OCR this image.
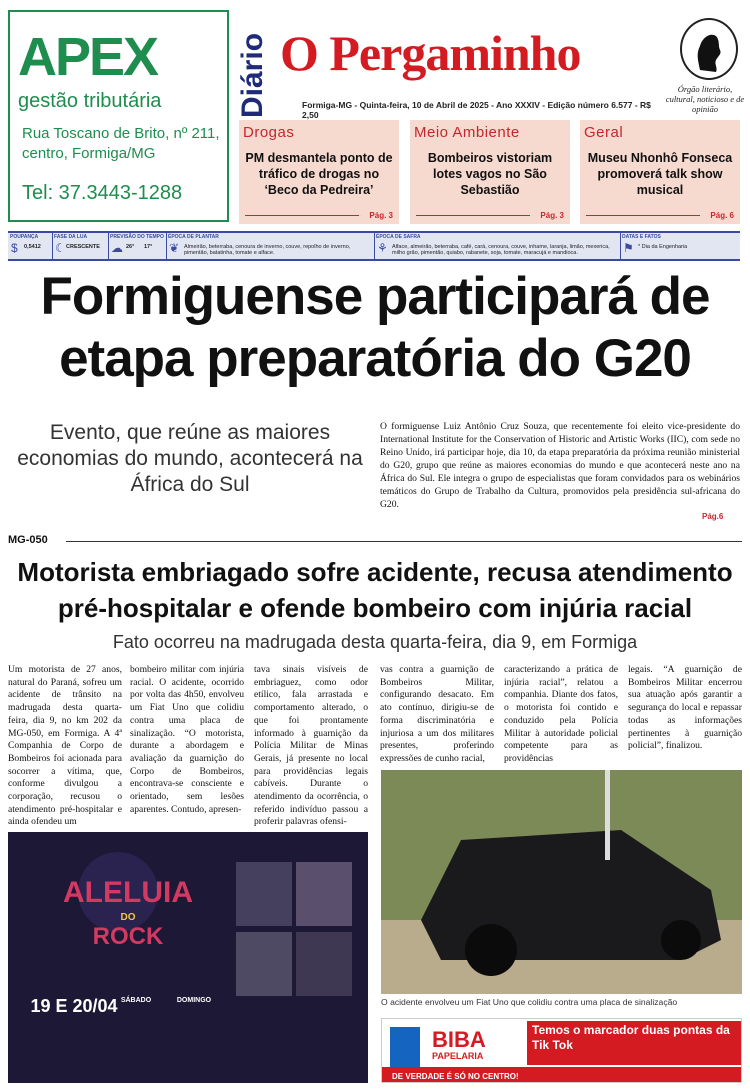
APEX
gestão tributária
Rua Toscano de Brito, nº 211, centro, Formiga/MG
Tel: 37.3443-1288
Diário O Pergaminho
Órgão literário, cultural, noticioso e de opinião
Formiga-MG - Quinta-feira, 10 de Abril de 2025 - Ano XXXIV - Edição número 6.577 - R$ 2,50
Drogas

PM desmantela ponto de tráfico de drogas no ‘Beco da Pedreira’

Pág. 3
Meio Ambiente

Bombeiros vistoriam lotes vagos no São Sebastião

Pág. 3
Geral

Museu Nhonhô Fonseca promoverá talk show musical

Pág. 6
POUPANÇA
$ 0,5412
FASE DA LUA
☾ CRESCENTE
PREVISÃO DO TEMPO
☁ 26° 17°
ÉPOCA DE PLANTAR
❦ Almeirão, beterraba, cenoura de inverno, couve, repolho de inverno, pimentão, batatinha, tomate e alface.
ÉPOCA DE SAFRA
⚘ Alface, almeirão, beterraba, café, cará, cenoura, couve, inhame, laranja, limão, mexerica, milho grão, pimentão, quiabo, rabanete, soja, tomate, maracujá e mandioca.
DATAS E FATOS
⚑ * Dia da Engenharia
Formiguense participará de etapa preparatória do G20
Evento, que reúne as maiores economias do mundo, acontecerá na África do Sul
O formiguense Luiz Antônio Cruz Souza, que recentemente foi eleito vice-presidente do International Institute for the Conservation of Historic and Artistic Works (IIC), com sede no Reino Unido, irá participar hoje, dia 10, da etapa preparatória da próxima reunião ministerial do G20, grupo que reúne as maiores economias do mundo e que acontecerá neste ano na África do Sul. Ele integra o grupo de especialistas que foram convidados para os webinários temáticos do Grupo de Trabalho da Cultura, promovidos pela presidência sul-africana do G20.
Pág.6
MG-050
Motorista embriagado sofre acidente, recusa atendimento pré-hospitalar e ofende bombeiro com injúria racial
Fato ocorreu na madrugada desta quarta-feira, dia 9, em Formiga
Um motorista de 27 anos, natural do Paraná, sofreu um acidente de trânsito na madrugada desta quarta-feira, dia 9, no km 202 da MG-050, em Formiga. A 4ª Companhia de Corpo de Bombeiros foi acionada para socorrer a vítima, que, conforme divulgou a corporação, recusou o atendimento pré-hospitalar e ainda ofendeu um
bombeiro militar com injúria racial. O acidente, ocorrido por volta das 4h50, envolveu um Fiat Uno que colidiu contra uma placa de sinalização. “O motorista, durante a abordagem e avaliação da guarnição do Corpo de Bombeiros, encontrava-se consciente e orientado, sem lesões aparentes. Contudo, apresen-
tava sinais visíveis de embriaguez, como odor etílico, fala arrastada e comportamento alterado, o que foi prontamente informado à guarnição da Polícia Militar de Minas Gerais, já presente no local para providências legais cabíveis. Durante o atendimento da ocorrência, o referido indivíduo passou a proferir palavras ofensi-
vas contra a guarnição de Bombeiros Militar, configurando desacato. Em ato contínuo, dirigiu-se de forma discriminatória e injuriosa a um dos militares presentes, proferindo expressões de cunho racial,
caracterizando a prática de injúria racial”, relatou a companhia. Diante dos fatos, o motorista foi contido e conduzido pela Polícia Militar à autoridade policial competente para as providências
legais. “A guarnição de Bombeiros Militar encerrou sua atuação após garantir a segurança do local e repassar todas as informações pertinentes à guarnição policial”, finalizou.
ALELUIA
DO
ROCK
19 E 20/04 SÁBADO	DOMINGO	O acidente envolveu um Fiat Uno que colidiu contra uma placa de sinalização
BIBA
PAPELARIA
DE VERDADE É SÓ NO CENTRO!
Temos o marcador duas pontas da Tik Tok
